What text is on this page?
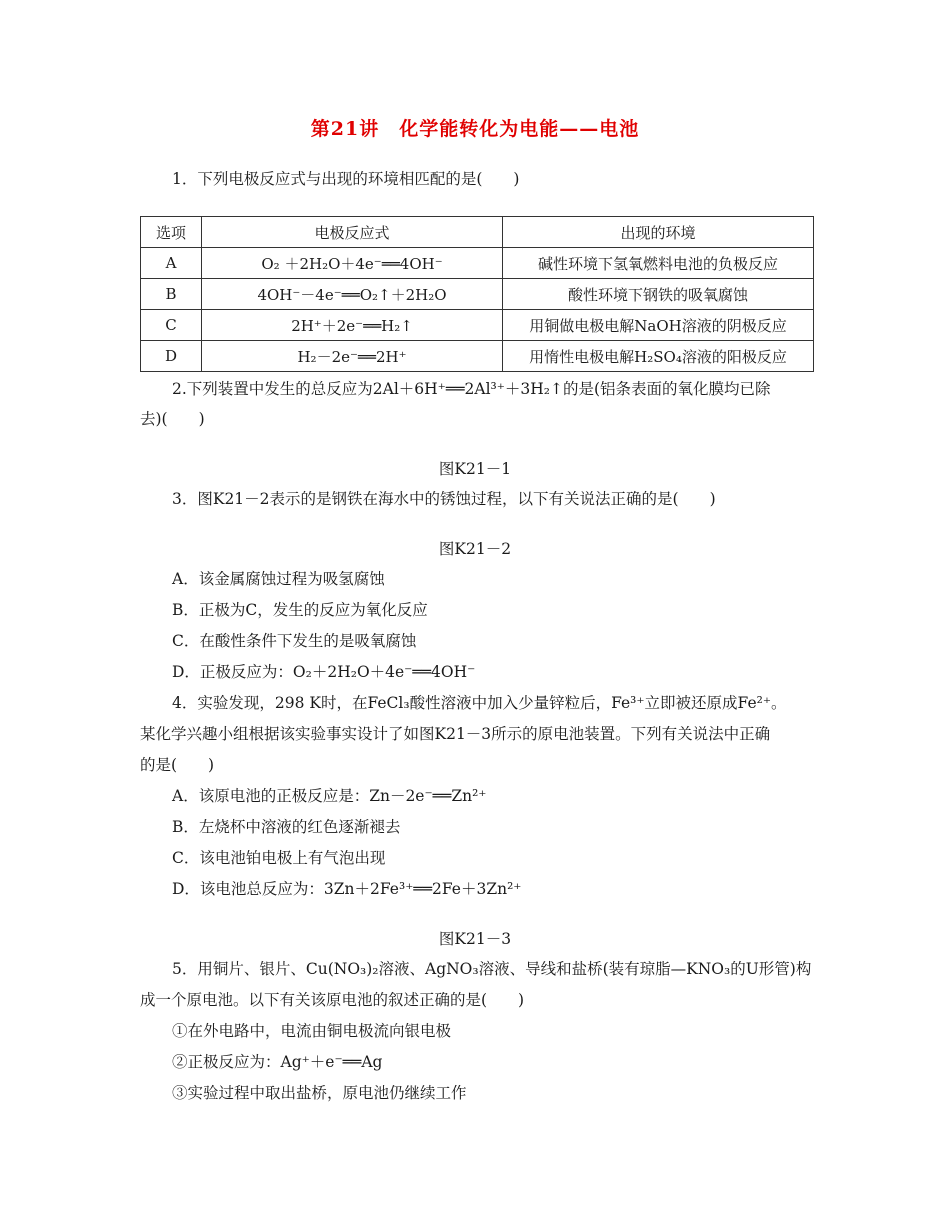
第21讲　化学能转化为电能——电池
1．下列电极反应式与出现的环境相匹配的是(　　)
选项	电极反应式	出现的环境
A	O₂ ＋2H₂O＋4e⁻══4OH⁻	碱性环境下氢氧燃料电池的负极反应
B	4OH⁻－4e⁻══O₂↑＋2H₂O	酸性环境下钢铁的吸氧腐蚀
C	2H⁺＋2e⁻══H₂↑	用铜做电极电解NaOH溶液的阴极反应
D	H₂－2e⁻══2H⁺	用惰性电极电解H₂SO₄溶液的阳极反应
2.下列装置中发生的总反应为2Al＋6H⁺══2Al³⁺＋3H₂↑的是(铝条表面的氧化膜均已除
去)(　　)
图K21－1
3．图K21－2表示的是钢铁在海水中的锈蚀过程，以下有关说法正确的是(　　)
图K21－2
A．该金属腐蚀过程为吸氢腐蚀
B．正极为C，发生的反应为氧化反应
C．在酸性条件下发生的是吸氧腐蚀
D．正极反应为：O₂＋2H₂O＋4e⁻══4OH⁻
4．实验发现，298 K时，在FeCl₃酸性溶液中加入少量锌粒后，Fe³⁺立即被还原成Fe²⁺。
某化学兴趣小组根据该实验事实设计了如图K21－3所示的原电池装置。下列有关说法中正确
的是(　　)
A．该原电池的正极反应是：Zn－2e⁻══Zn²⁺
B．左烧杯中溶液的红色逐渐褪去
C．该电池铂电极上有气泡出现
D．该电池总反应为：3Zn＋2Fe³⁺══2Fe＋3Zn²⁺
图K21－3
5．用铜片、银片、Cu(NO₃)₂溶液、AgNO₃溶液、导线和盐桥(装有琼脂—KNO₃的U形管)构
成一个原电池。以下有关该原电池的叙述正确的是(　　)
①在外电路中，电流由铜电极流向银电极
②正极反应为：Ag⁺＋e⁻══Ag
③实验过程中取出盐桥，原电池仍继续工作
